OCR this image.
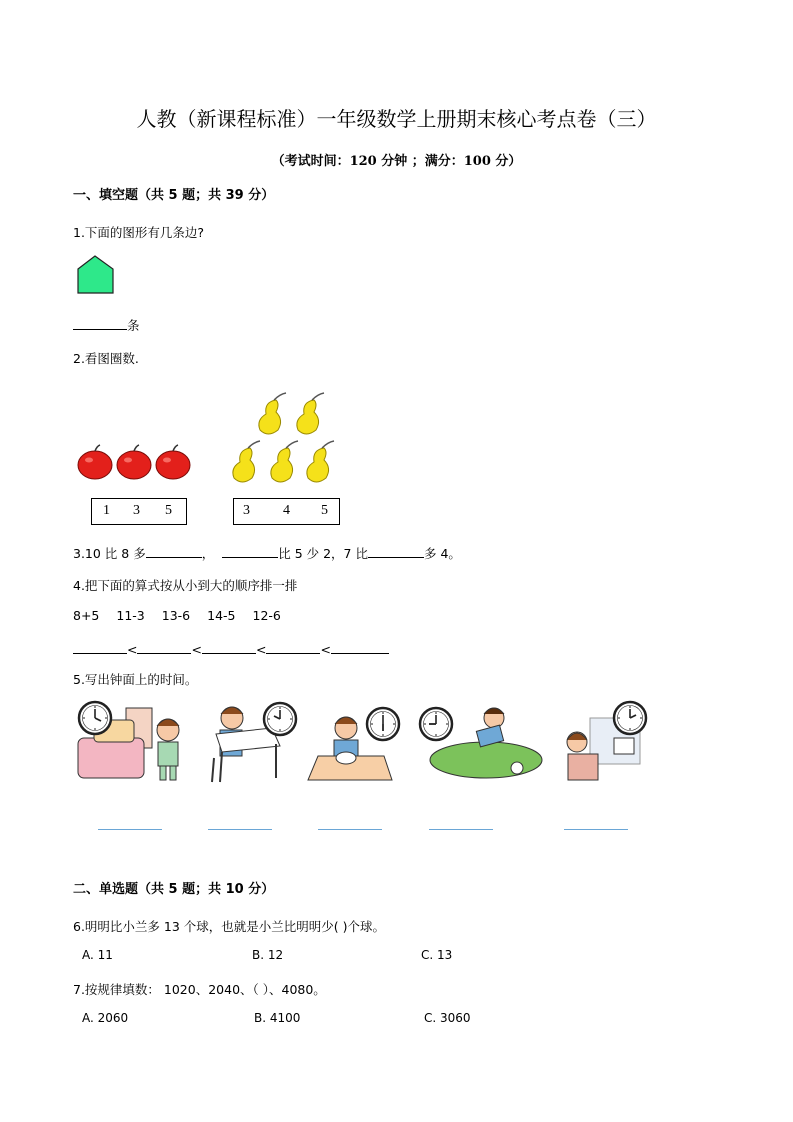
人教（新课程标准）一年级数学上册期末核心考点卷（三）
（考试时间：120 分钟 ；满分：100 分）
一、填空题（共 5 题；共 39 分）
1.下面的图形有几条边?
条
2.看图圈数.
1 3 5	3 4 5
3.10 比 8 多	，	比 5 少 2，7 比	多 4。
4.把下面的算式按从小到大的顺序排一排
8+5 11-3 13-6 14-5 12-6
<	<	<	<
5.写出钟面上的时间。
二、单选题（共 5 题；共 10 分）
6.明明比小兰多 13 个球，也就是小兰比明明少( )个球。
A. 11	B. 12	C. 13
7.按规律填数： 1020、2040、（ ）、4080。
A. 2060	B. 4100	C. 3060
